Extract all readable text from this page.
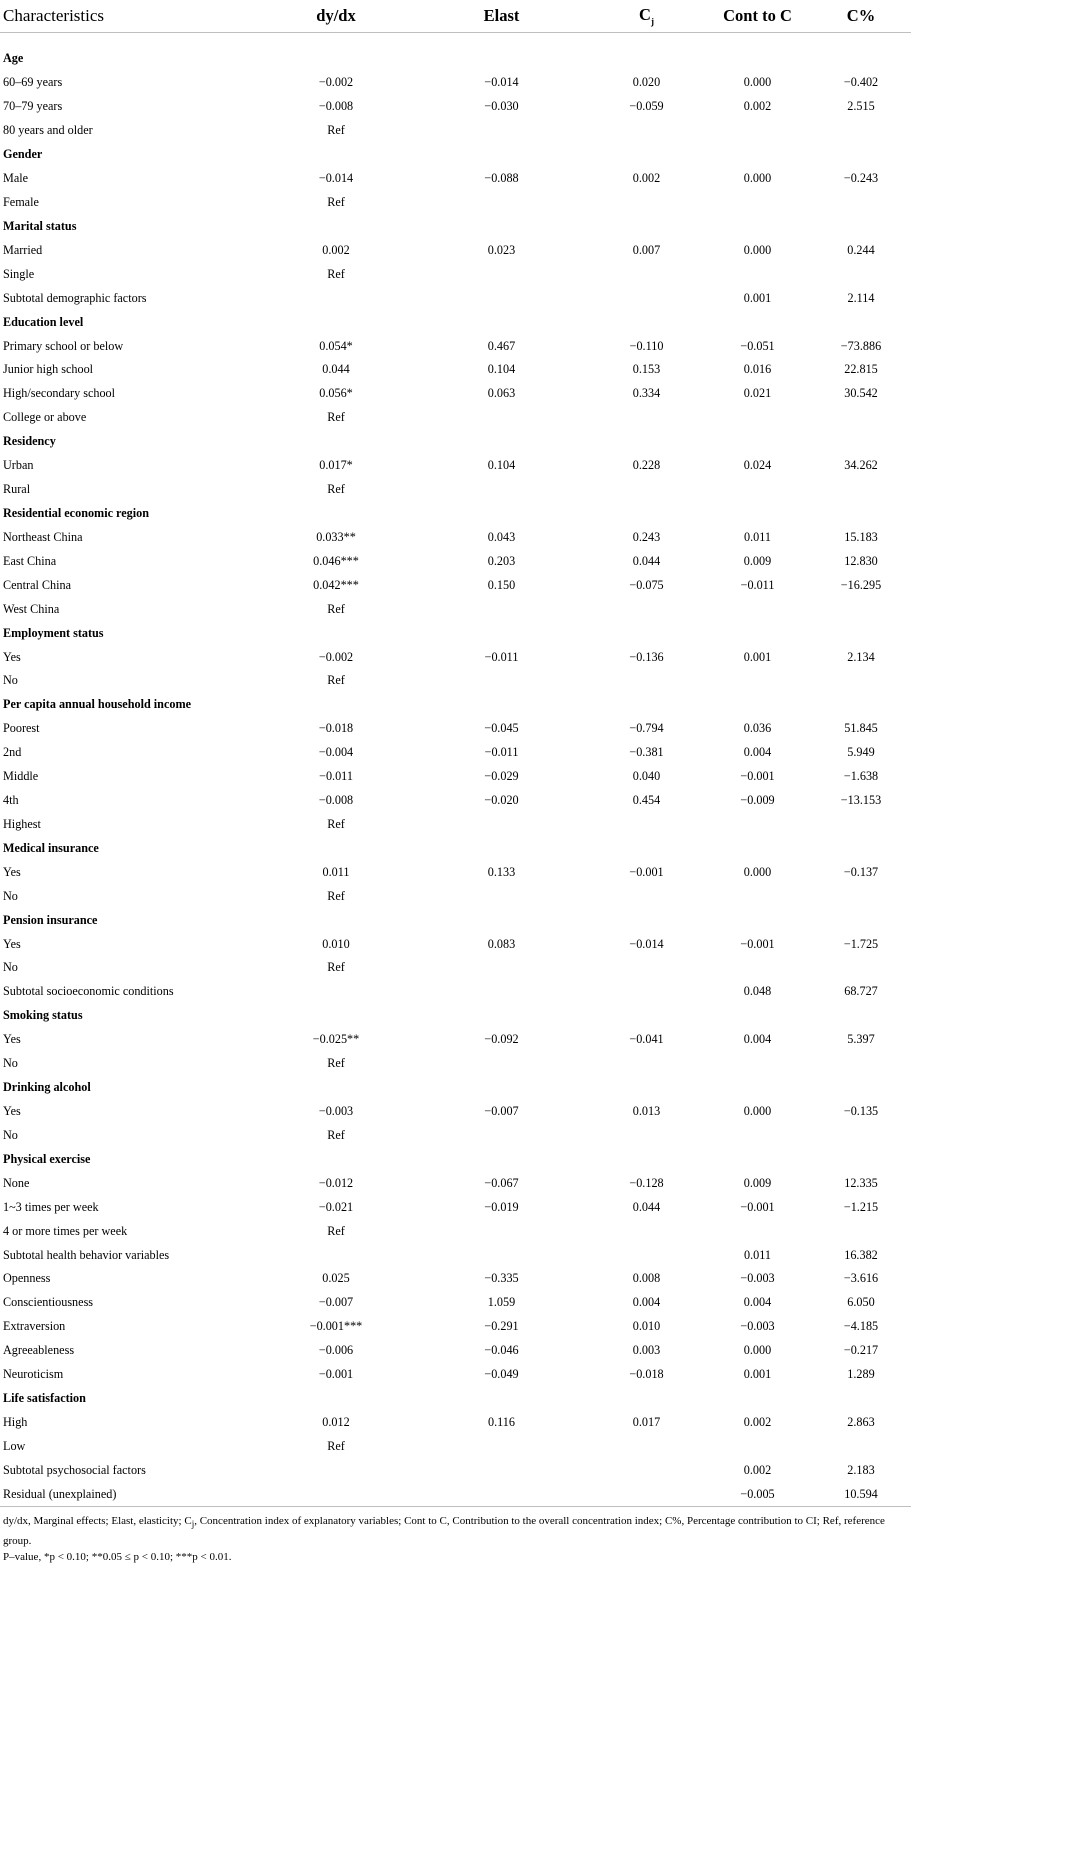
Characteristics	dy/dx	Elast	$C_j$	Cont to C	C%

Age					
60–69 years	−0.002	−0.014	0.020	0.000	−0.402
70–79 years	−0.008	−0.030	−0.059	0.002	2.515
80 years and older	Ref				
Gender					
Male	−0.014	−0.088	0.002	0.000	−0.243
Female	Ref				
Marital status					
Married	0.002	0.023	0.007	0.000	0.244
Single	Ref				
Subtotal demographic factors				0.001	2.114
Education level					
Primary school or below	0.054*	0.467	−0.110	−0.051	−73.886
Junior high school	0.044	0.104	0.153	0.016	22.815
High/secondary school	0.056*	0.063	0.334	0.021	30.542
College or above	Ref				
Residency					
Urban	0.017*	0.104	0.228	0.024	34.262
Rural	Ref				
Residential economic region					
Northeast China	0.033**	0.043	0.243	0.011	15.183
East China	0.046***	0.203	0.044	0.009	12.830
Central China	0.042***	0.150	−0.075	−0.011	−16.295
West China	Ref				
Employment status					
Yes	−0.002	−0.011	−0.136	0.001	2.134
No	Ref				
Per capita annual household income					
Poorest	−0.018	−0.045	−0.794	0.036	51.845
2nd	−0.004	−0.011	−0.381	0.004	5.949
Middle	−0.011	−0.029	0.040	−0.001	−1.638
4th	−0.008	−0.020	0.454	−0.009	−13.153
Highest	Ref				
Medical insurance					
Yes	0.011	0.133	−0.001	0.000	−0.137
No	Ref				
Pension insurance					
Yes	0.010	0.083	−0.014	−0.001	−1.725
No	Ref				
Subtotal socioeconomic conditions				0.048	68.727
Smoking status					
Yes	−0.025**	−0.092	−0.041	0.004	5.397
No	Ref				
Drinking alcohol					
Yes	−0.003	−0.007	0.013	0.000	−0.135
No	Ref				
Physical exercise					
None	−0.012	−0.067	−0.128	0.009	12.335
1~3 times per week	−0.021	−0.019	0.044	−0.001	−1.215
4 or more times per week	Ref				
Subtotal health behavior variables				0.011	16.382
Openness	0.025	−0.335	0.008	−0.003	−3.616
Conscientiousness	−0.007	1.059	0.004	0.004	6.050
Extraversion	−0.001***	−0.291	0.010	−0.003	−4.185
Agreeableness	−0.006	−0.046	0.003	0.000	−0.217
Neuroticism	−0.001	−0.049	−0.018	0.001	1.289
Life satisfaction					
High	0.012	0.116	0.017	0.002	2.863
Low	Ref				
Subtotal psychosocial factors				0.002	2.183
Residual (unexplained)				−0.005	10.594
dy/dx, Marginal effects; Elast, elasticity; $C_j$, Concentration index of explanatory variables; Cont to C, Contribution to the overall concentration index; C%, Percentage contribution to CI; Ref, reference group.
P–value, *p < 0.10; **0.05 ≤ p < 0.10; ***p < 0.01.
